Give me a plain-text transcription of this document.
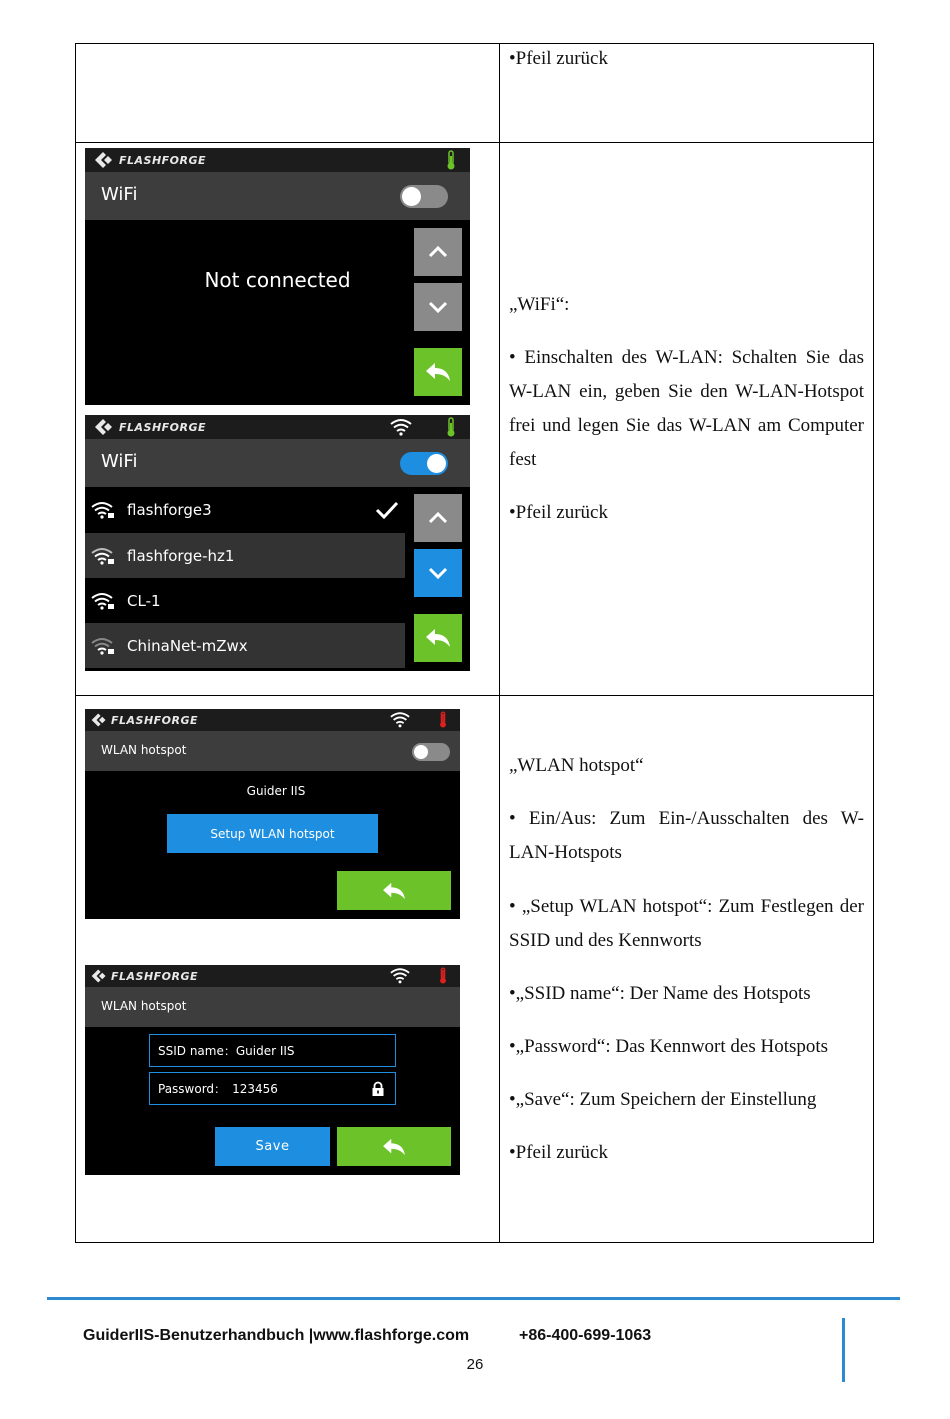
•Pfeil zurück
FLASHFORGE
WiFi
Not connected
FLASHFORGE
WiFi
flashforge3
flashforge-hz1
CL-1
ChinaNet-mZwx
„WiFi“:
• Einschalten des W-LAN: Schalten Sie das W-LAN ein, geben Sie den W-LAN-Hotspot frei und legen Sie das W-LAN am Computer fest
•Pfeil zurück
FLASHFORGE
WLAN hotspot
Guider IIS
Setup WLAN hotspot
FLASHFORGE
WLAN hotspot
SSID name：Guider IIS
Password： 123456
Save
„WLAN hotspot“
• Ein/Aus: Zum Ein-/Ausschalten des W-LAN-Hotspots
• „Setup WLAN hotspot“: Zum Festlegen der SSID und des Kennworts
•„SSID name“: Der Name des Hotspots
•„Password“: Das Kennwort des Hotspots
•„Save“: Zum Speichern der Einstellung
•Pfeil zurück
GuiderIIS-Benutzerhandbuch |www.flashforge.com	+86-400-699-1063
26
